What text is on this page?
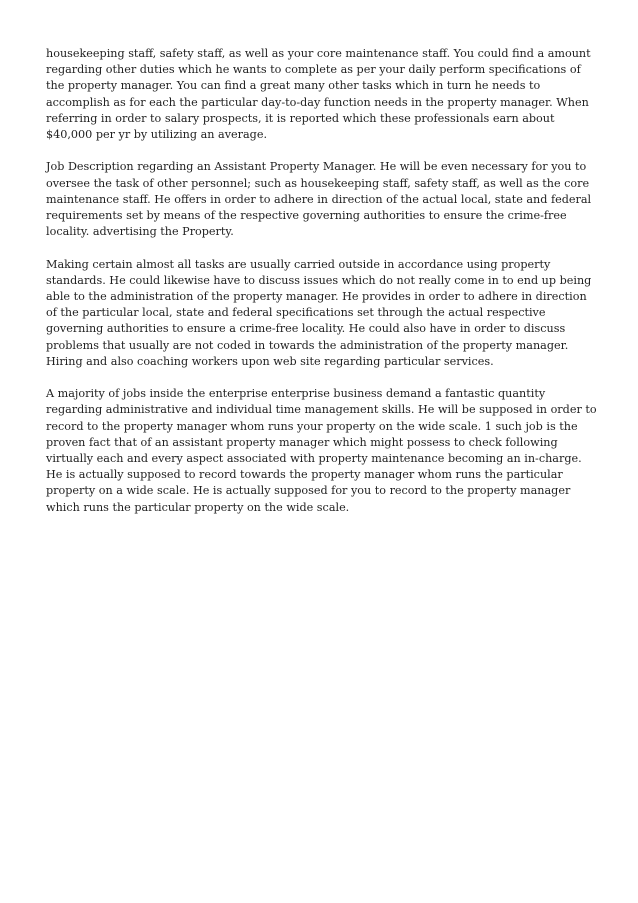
housekeeping staff, safety staff, as well as your core maintenance staff. You could find a amount regarding other duties which he wants to complete as per your daily perform specifications of the property manager. You can find a great many other tasks which in turn he needs to accomplish as for each the particular day-to-day function needs in the property manager. When referring in order to salary prospects, it is reported which these professionals earn about $40,000 per yr by utilizing an average.

Job Description regarding an Assistant Property Manager. He will be even necessary for you to oversee the task of other personnel; such as housekeeping staff, safety staff, as well as the core maintenance staff. He offers in order to adhere in direction of the actual local, state and federal requirements set by means of the respective governing authorities to ensure the crime-free locality. advertising the Property.

Making certain almost all tasks are usually carried outside in accordance using property standards. He could likewise have to discuss issues which do not really come in to end up being able to the administration of the property manager. He provides in order to adhere in direction of the particular local, state and federal specifications set through the actual respective governing authorities to ensure a crime-free locality. He could also have in order to discuss problems that usually are not coded in towards the administration of the property manager. Hiring and also coaching workers upon web site regarding particular services.

A majority of jobs inside the enterprise enterprise business demand a fantastic quantity regarding administrative and individual time management skills. He will be supposed in order to record to the property manager whom runs your property on the wide scale. 1 such job is the proven fact that of an assistant property manager which might possess to check following virtually each and every aspect associated with property maintenance becoming an in-charge. He is actually supposed to record towards the property manager whom runs the particular property on a wide scale. He is actually supposed for you to record to the property manager which runs the particular property on the wide scale.
